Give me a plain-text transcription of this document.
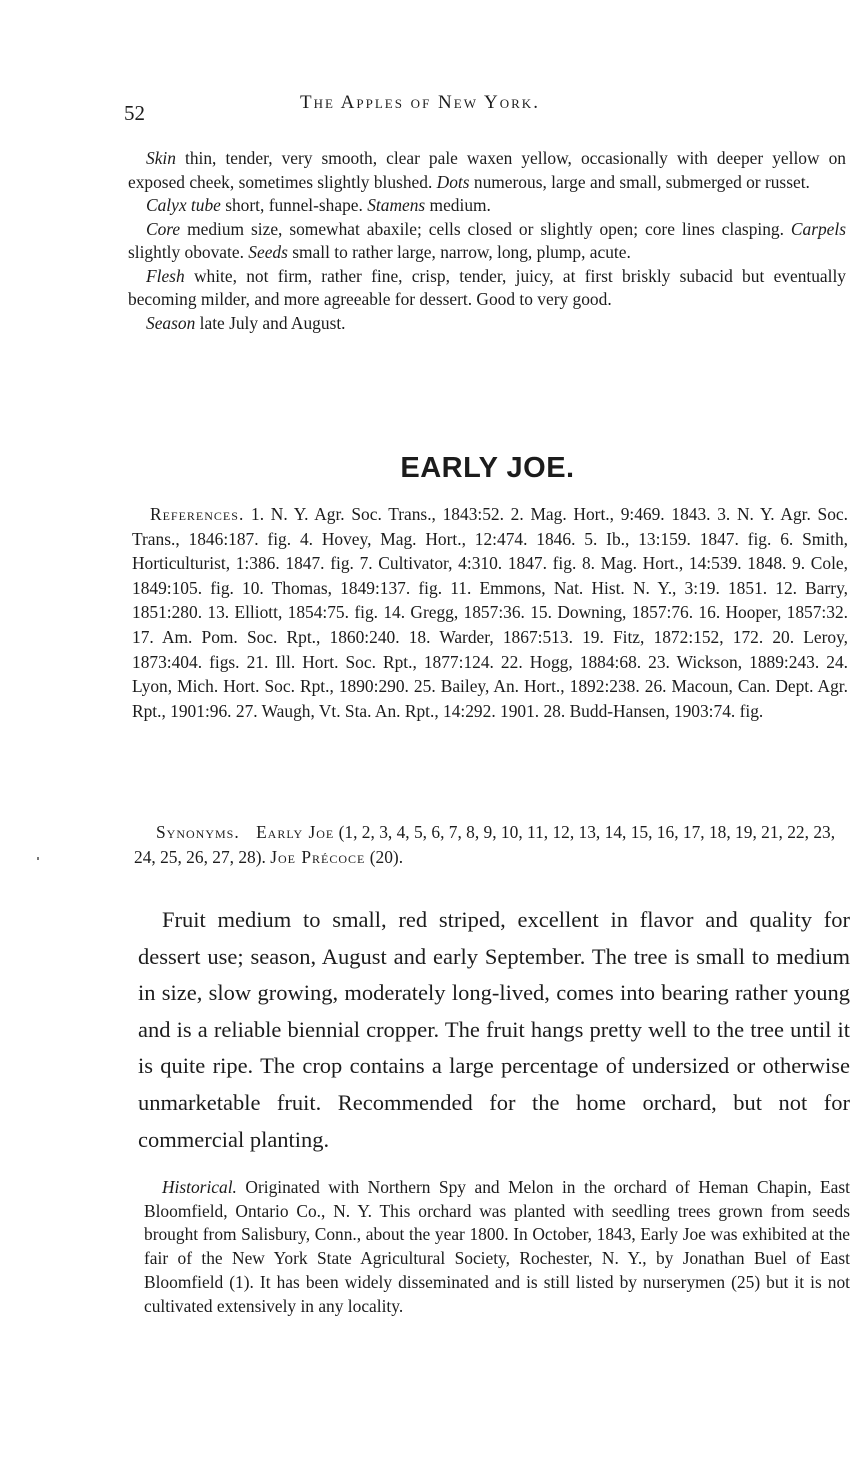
52	The Apples of New York.

Skin thin, tender, very smooth, clear pale waxen yellow, occasionally with deeper yellow on exposed cheek, sometimes slightly blushed. Dots numerous, large and small, submerged or russet.

Calyx tube short, funnel-shape. Stamens medium.

Core medium size, somewhat abaxile; cells closed or slightly open; core lines clasping. Carpels slightly obovate. Seeds small to rather large, narrow, long, plump, acute.

Flesh white, not firm, rather fine, crisp, tender, juicy, at first briskly subacid but eventually becoming milder, and more agreeable for dessert. Good to very good.

Season late July and August.

EARLY JOE.
References. 1. N. Y. Agr. Soc. Trans., 1843:52. 2. Mag. Hort., 9:469. 1843. 3. N. Y. Agr. Soc. Trans., 1846:187. fig. 4. Hovey, Mag. Hort., 12:474. 1846. 5. Ib., 13:159. 1847. fig. 6. Smith, Horticulturist, 1:386. 1847. fig. 7. Cultivator, 4:310. 1847. fig. 8. Mag. Hort., 14:539. 1848. 9. Cole, 1849:105. fig. 10. Thomas, 1849:137. fig. 11. Emmons, Nat. Hist. N. Y., 3:19. 1851. 12. Barry, 1851:280. 13. Elliott, 1854:75. fig. 14. Gregg, 1857:36. 15. Downing, 1857:76. 16. Hooper, 1857:32. 17. Am. Pom. Soc. Rpt., 1860:240. 18. Warder, 1867:513. 19. Fitz, 1872:152, 172. 20. Leroy, 1873:404. figs. 21. Ill. Hort. Soc. Rpt., 1877:124. 22. Hogg, 1884:68. 23. Wickson, 1889:243. 24. Lyon, Mich. Hort. Soc. Rpt., 1890:290. 25. Bailey, An. Hort., 1892:238. 26. Macoun, Can. Dept. Agr. Rpt., 1901:96. 27. Waugh, Vt. Sta. An. Rpt., 14:292. 1901. 28. Budd-Hansen, 1903:74. fig.
Synonyms. Early Joe (1, 2, 3, 4, 5, 6, 7, 8, 9, 10, 11, 12, 13, 14, 15, 16, 17, 18, 19, 21, 22, 23, 24, 25, 26, 27, 28). Joe Précoce (20).

Fruit medium to small, red striped, excellent in flavor and quality for dessert use; season, August and early September. The tree is small to medium in size, slow growing, moderately long-lived, comes into bearing rather young and is a reliable biennial cropper. The fruit hangs pretty well to the tree until it is quite ripe. The crop contains a large percentage of undersized or otherwise unmarketable fruit. Recommended for the home orchard, but not for commercial planting.

Historical. Originated with Northern Spy and Melon in the orchard of Heman Chapin, East Bloomfield, Ontario Co., N. Y. This orchard was planted with seedling trees grown from seeds brought from Salisbury, Conn., about the year 1800. In October, 1843, Early Joe was exhibited at the fair of the New York State Agricultural Society, Rochester, N. Y., by Jonathan Buel of East Bloomfield (1). It has been widely disseminated and is still listed by nurserymen (25) but it is not cultivated extensively in any locality.
